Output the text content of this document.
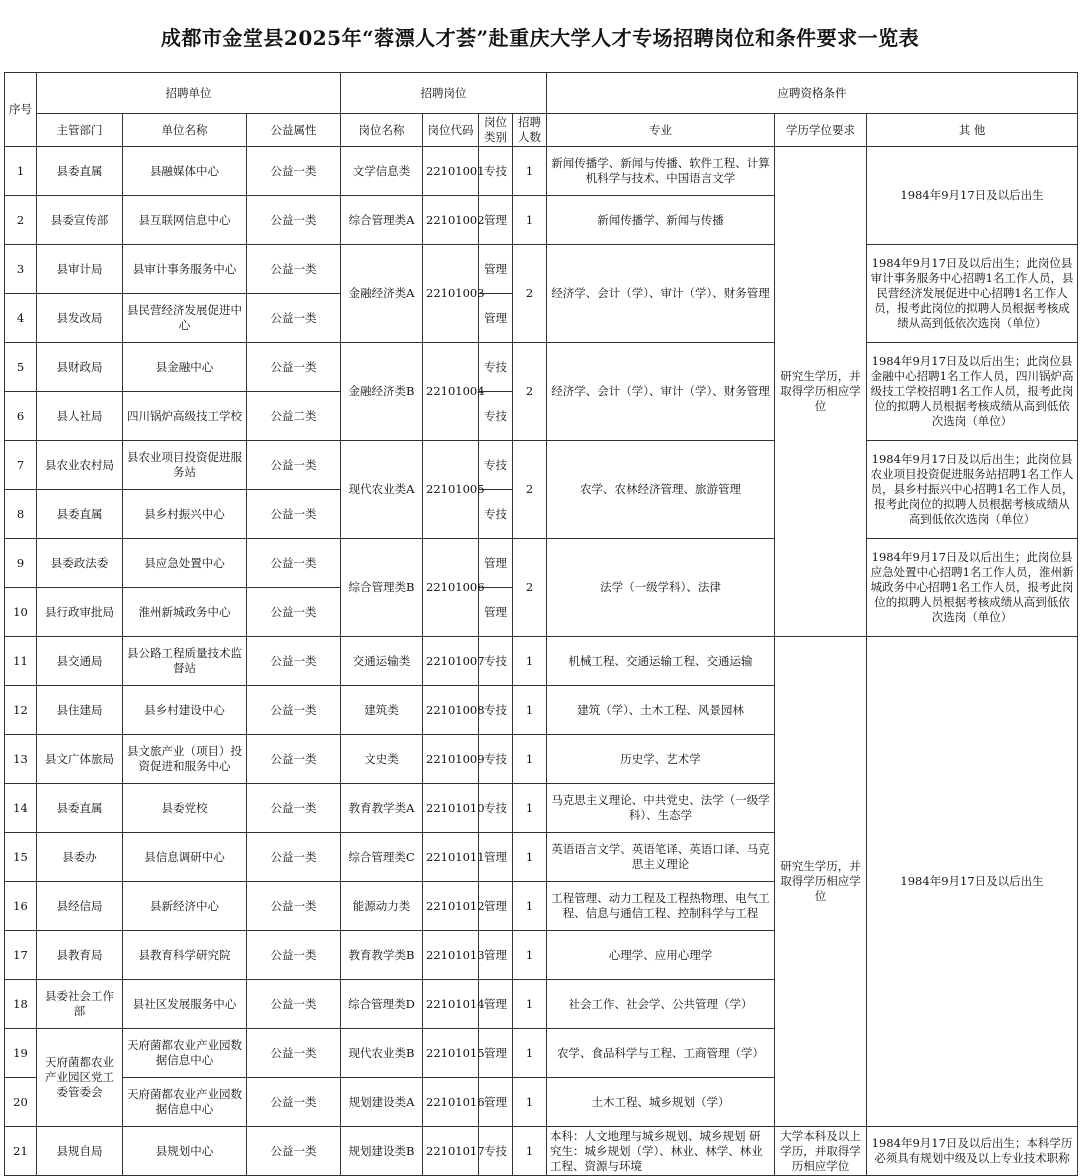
成都市金堂县2025年“蓉漂人才荟”赴重庆大学人才专场招聘岗位和条件要求一览表
序号	招聘单位			招聘岗位				应聘资格条件		
	主管部门	单位名称	公益属性	岗位名称	岗位代码	岗位类别	招聘人数	专业	学历学位要求	其 他
1	县委直属	县融媒体中心	公益一类	文学信息类	22101001	专技	1	新闻传播学、新闻与传播、软件工程、计算机科学与技术、中国语言文学	研究生学历，并取得学历相应学位	1984年9月17日及以后出生
2	县委宣传部	县互联网信息中心	公益一类	综合管理类A	22101002	管理	1	新闻传播学、新闻与传播		
3	县审计局	县审计事务服务中心	公益一类	金融经济类A	22101003	管理	2	经济学、会计（学）、审计（学）、财务管理		1984年9月17日及以后出生；此岗位县审计事务服务中心招聘1名工作人员，县民营经济发展促进中心招聘1名工作人员，报考此岗位的拟聘人员根据考核成绩从高到低依次选岗（单位）
4	县发改局	县民营经济发展促进中心	公益一类			管理				
5	县财政局	县金融中心	公益一类	金融经济类B	22101004	专技	2	经济学、会计（学）、审计（学）、财务管理		1984年9月17日及以后出生；此岗位县金融中心招聘1名工作人员，四川锅炉高级技工学校招聘1名工作人员，报考此岗位的拟聘人员根据考核成绩从高到低依次选岗（单位）
6	县人社局	四川锅炉高级技工学校	公益二类			专技				
7	县农业农村局	县农业项目投资促进服务站	公益一类	现代农业类A	22101005	专技	2	农学、农林经济管理、旅游管理		1984年9月17日及以后出生；此岗位县农业项目投资促进服务站招聘1名工作人员，县乡村振兴中心招聘1名工作人员，报考此岗位的拟聘人员根据考核成绩从高到低依次选岗（单位）
8	县委直属	县乡村振兴中心	公益一类			专技				
9	县委政法委	县应急处置中心	公益一类	综合管理类B	22101006	管理	2	法学（一级学科）、法律		1984年9月17日及以后出生；此岗位县应急处置中心招聘1名工作人员，淮州新城政务中心招聘1名工作人员，报考此岗位的拟聘人员根据考核成绩从高到低依次选岗（单位）
10	县行政审批局	淮州新城政务中心	公益一类			管理				
11	县交通局	县公路工程质量技术监督站	公益一类	交通运输类	22101007	专技	1	机械工程、交通运输工程、交通运输	研究生学历，并取得学历相应学位	1984年9月17日及以后出生
12	县住建局	县乡村建设中心	公益一类	建筑类	22101008	专技	1	建筑（学）、土木工程、风景园林		
13	县文广体旅局	县文旅产业（项目）投资促进和服务中心	公益一类	文史类	22101009	专技	1	历史学、艺术学		
14	县委直属	县委党校	公益一类	教育教学类A	22101010	专技	1	马克思主义理论、中共党史、法学（一级学科）、生态学		
15	县委办	县信息调研中心	公益一类	综合管理类C	22101011	管理	1	英语语言文学、英语笔译、英语口译、马克思主义理论		
16	县经信局	县新经济中心	公益一类	能源动力类	22101012	管理	1	工程管理、动力工程及工程热物理、电气工程、信息与通信工程、控制科学与工程		
17	县教育局	县教育科学研究院	公益一类	教育教学类B	22101013	管理	1	心理学、应用心理学		
18	县委社会工作部	县社区发展服务中心	公益一类	综合管理类D	22101014	管理	1	社会工作、社会学、公共管理（学）		
19	天府菌都农业产业园区党工委管委会	天府菌都农业产业园数据信息中心	公益一类	现代农业类B	22101015	管理	1	农学、食品科学与工程、工商管理（学）		
20		天府菌都农业产业园数据信息中心	公益一类	规划建设类A	22101016	管理	1	土木工程、城乡规划（学）		
21	县规自局	县规划中心	公益一类	规划建设类B	22101017	专技	1	本科：人文地理与城乡规划、城乡规划 研究生：城乡规划（学）、林业、林学、林业工程、资源与环境	大学本科及以上学历，并取得学历相应学位	1984年9月17日及以后出生；本科学历必须具有规划中级及以上专业技术职称
